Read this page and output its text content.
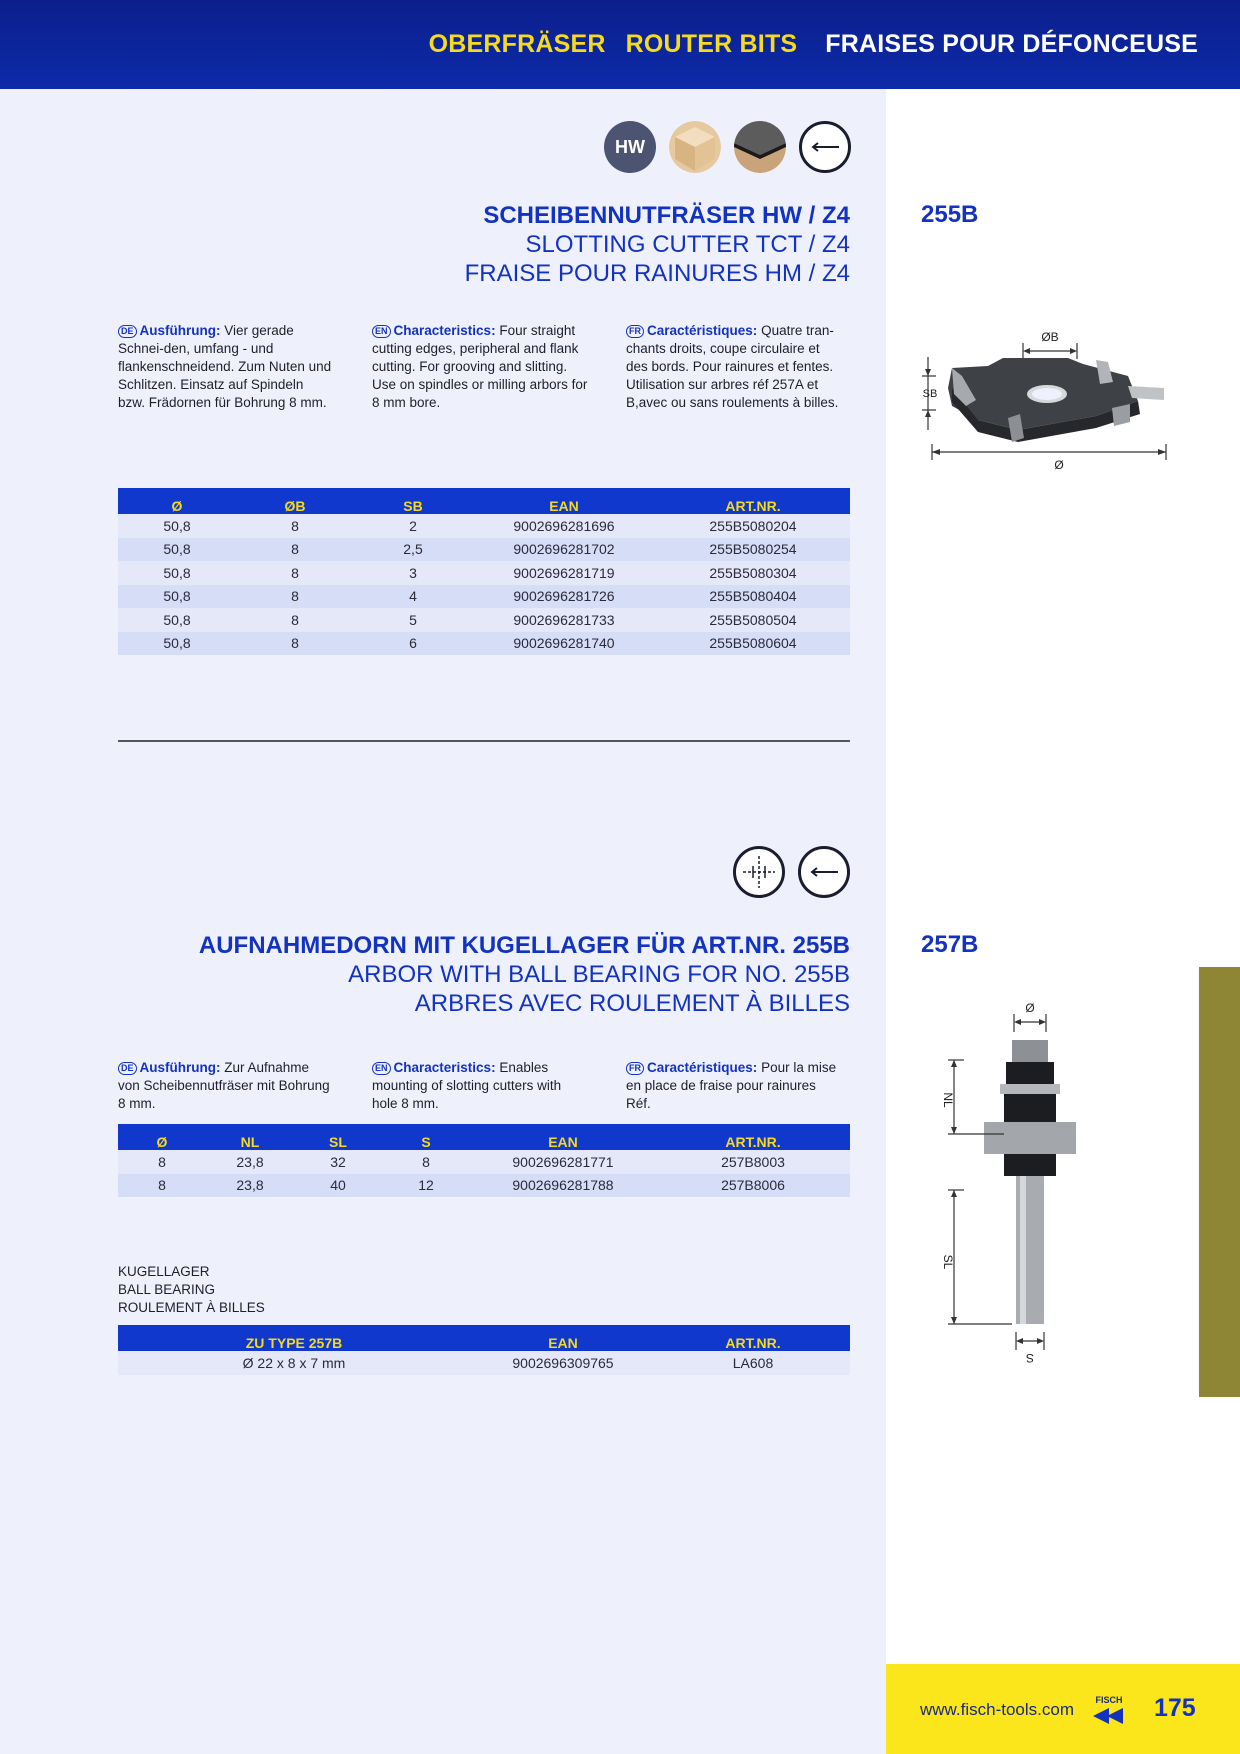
OBERFRÄSER ROUTER BITS FRAISES POUR DÉFONCEUSE
HW
SCHEIBENNUTFRÄSER HW / Z4
SLOTTING CUTTER TCT / Z4
FRAISE POUR RAINURES HM / Z4
255B
DE Ausführung: Vier gerade Schnei-den, umfang - und flankenschneidend. Zum Nuten und Schlitzen. Einsatz auf Spindeln bzw. Frädornen für Bohrung 8 mm.
EN Characteristics: Four straight cutting edges, peripheral and flank cutting. For grooving and slitting. Use on spindles or milling arbors for 8 mm bore.
FR Caractéristiques: Quatre tran-chants droits, coupe circulaire et des bords. Pour rainures et fentes. Utilisation sur arbres réf 257A et B,avec ou sans roulements à billes.
ØB
SB
Ø
Ø	ØB	SB	EAN	ART.NR.
50,8	8	2	9002696281696	255B5080204
50,8	8	2,5	9002696281702	255B5080254
50,8	8	3	9002696281719	255B5080304
50,8	8	4	9002696281726	255B5080404
50,8	8	5	9002696281733	255B5080504
50,8	8	6	9002696281740	255B5080604
AUFNAHMEDORN MIT KUGELLAGER FÜR ART.NR. 255B
ARBOR WITH BALL BEARING FOR NO. 255B
ARBRES AVEC ROULEMENT À BILLES
257B
DE Ausführung: Zur Aufnahme von Scheibennutfräser mit Bohrung 8 mm.
EN Characteristics: Enables mounting of slotting cutters with hole 8 mm.
FR Caractéristiques: Pour la mise en place de fraise pour rainures Réf.
Ø	NL	SL	S	EAN	ART.NR.
8	23,8	32	8	9002696281771	257B8003
8	23,8	40	12	9002696281788	257B8006
Ø
NL
SL
S
KUGELLAGER
BALL BEARING
ROULEMENT À BILLES
ZU TYPE 257B	EAN	ART.NR.
Ø 22 x 8 x 7 mm	9002696309765	LA608
www.fisch-tools.com FISCH 175
